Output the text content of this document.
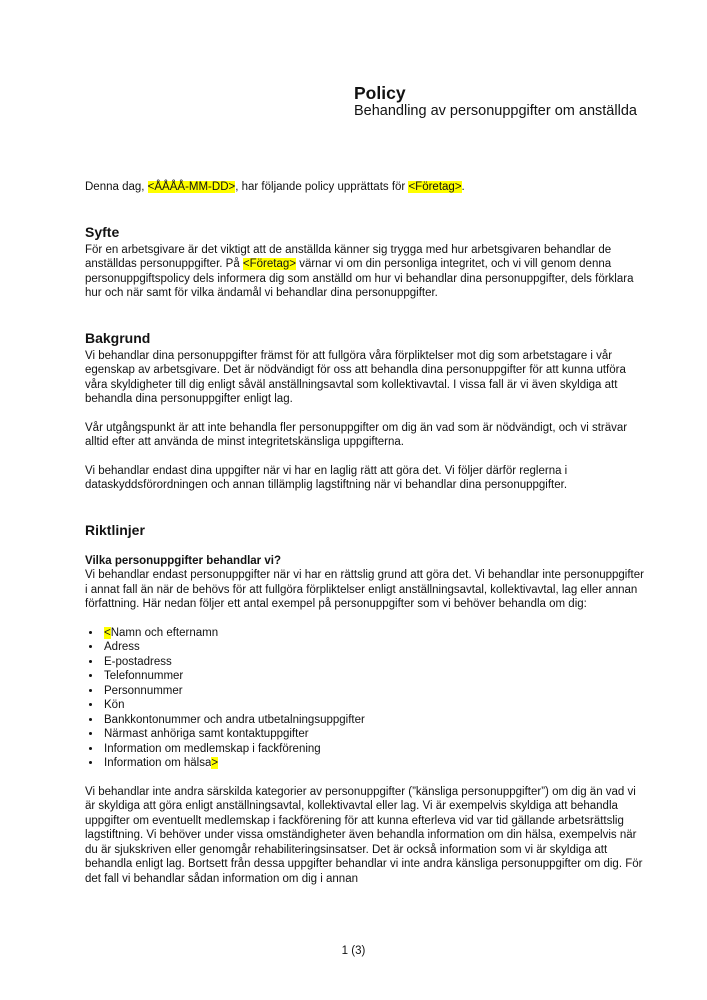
Policy
Behandling av personuppgifter om anställda

Denna dag, <ÅÅÅÅ-MM-DD>, har följande policy upprättats för <Företag>.

Syfte

För en arbetsgivare är det viktigt att de anställda känner sig trygga med hur arbetsgivaren behandlar de anställdas personuppgifter. På <Företag> värnar vi om din personliga integritet, och vi vill genom denna personuppgiftspolicy dels informera dig som anställd om hur vi behandlar dina personuppgifter, dels förklara hur och när samt för vilka ändamål vi behandlar dina personuppgifter.

Bakgrund

Vi behandlar dina personuppgifter främst för att fullgöra våra förpliktelser mot dig som arbetstagare i vår egenskap av arbetsgivare. Det är nödvändigt för oss att behandla dina personuppgifter för att kunna utföra våra skyldigheter till dig enligt såväl anställningsavtal som kollektivavtal. I vissa fall är vi även skyldiga att behandla dina personuppgifter enligt lag.

Vår utgångspunkt är att inte behandla fler personuppgifter om dig än vad som är nödvändigt, och vi strävar alltid efter att använda de minst integritetskänsliga uppgifterna.

Vi behandlar endast dina uppgifter när vi har en laglig rätt att göra det. Vi följer därför reglerna i dataskyddsförordningen och annan tillämplig lagstiftning när vi behandlar dina personuppgifter.

Riktlinjer
Vilka personuppgifter behandlar vi?

Vi behandlar endast personuppgifter när vi har en rättslig grund att göra det. Vi behandlar inte personuppgifter i annat fall än när de behövs för att fullgöra förpliktelser enligt anställningsavtal, kollektivavtal, lag eller annan författning. Här nedan följer ett antal exempel på personuppgifter som vi behöver behandla om dig:

• <Namn och efternamn
• Adress
• E-postadress
• Telefonnummer
• Personnummer
• Kön
• Bankkontonummer och andra utbetalningsuppgifter
• Närmast anhöriga samt kontaktuppgifter
• Information om medlemskap i fackförening
• Information om hälsa>

Vi behandlar inte andra särskilda kategorier av personuppgifter (”känsliga personuppgifter”) om dig än vad vi är skyldiga att göra enligt anställningsavtal, kollektivavtal eller lag. Vi är exempelvis skyldiga att behandla uppgifter om eventuellt medlemskap i fackförening för att kunna efterleva vid var tid gällande arbetsrättslig lagstiftning. Vi behöver under vissa omständigheter även behandla information om din hälsa, exempelvis när du är sjukskriven eller genomgår rehabiliteringsinsatser. Det är också information som vi är skyldiga att behandla enligt lag. Bortsett från dessa uppgifter behandlar vi inte andra känsliga personuppgifter om dig. För det fall vi behandlar sådan information om dig i annan

1 (3)
